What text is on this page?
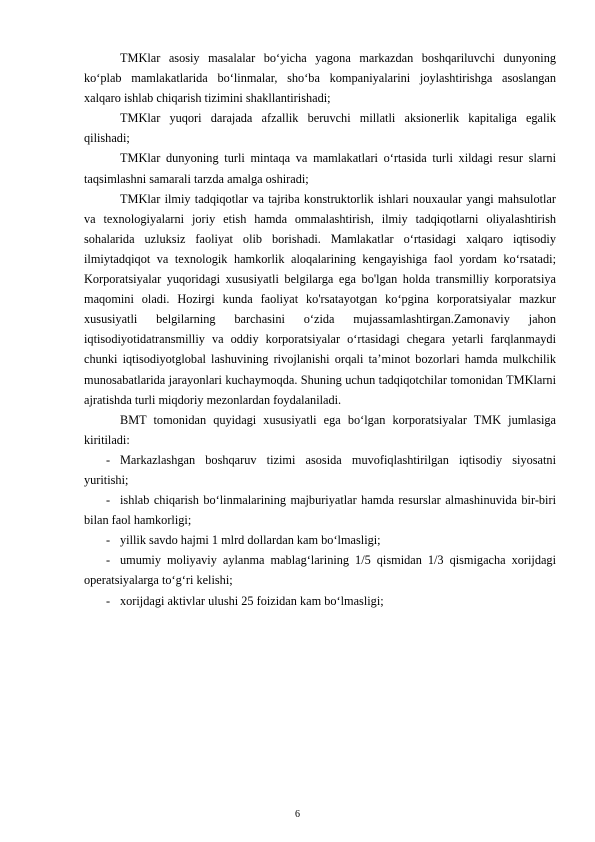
TMKlar asosiy masalalar bo‘yicha yagona markazdan boshqariluvchi dunyoning ko‘plab mamlakatlarida bo‘linmalar, sho‘ba kompaniyalarini joylashtirishga asoslangan xalqaro ishlab chiqarish tizimini shakllantirishadi;

TMKlar yuqori darajada afzallik beruvchi millatli aksionerlik kapitaliga egalik qilishadi;

TMKlar dunyoning turli mintaqa va mamlakatlari o‘rtasida turli xildagi resur slarni taqsimlashni samarali tarzda amalga oshiradi;

TMKlar ilmiy tadqiqotlar va tajriba konstruktorlik ishlari nouxaular yangi mahsulotlar va texnologiyalarni joriy etish hamda ommalashtirish, ilmiy tadqiqotlarni oliyalashtirish sohalarida uzluksiz faoliyat olib borishadi. Mamlakatlar o‘rtasidagi xalqaro iqtisodiy ilmiytadqiqot va texnologik hamkorlik aloqalarining kengayishiga faol yordam ko‘rsatadi; Korporatsiyalar yuqoridagi xususiyatli belgilarga ega bo'lgan holda transmilliy korporatsiya maqomini oladi. Hozirgi kunda faoliyat ko'rsatayotgan ko‘pgina korporatsiyalar mazkur xususiyatli belgilarning barchasini o‘zida mujassamlashtirgan.Zamonaviy jahon iqtisodiyotidatransmilliy va oddiy korporatsiyalar o‘rtasidagi chegara yetarli farqlanmaydi chunki iqtisodiyotglobal lashuvining rivojlanishi orqali ta’minot bozorlari hamda mulkchilik munosabatlarida jarayonlari kuchaymoqda. Shuning uchun tadqiqotchilar tomonidan TMKlarni ajratishda turli miqdoriy mezonlardan foydalaniladi.

BMT tomonidan quyidagi xususiyatli ega bo‘lgan korporatsiyalar TMK jumlasiga kiritiladi:

- Markazlashgan boshqaruv tizimi asosida muvofiqlashtirilgan iqtisodiy siyosatni yuritishi;

- ishlab chiqarish bo‘linmalarining majburiyatlar hamda resurslar almashinuvida bir-biri bilan faol hamkorligi;

- yillik savdo hajmi 1 mlrd dollardan kam bo‘lmasligi;

- umumiy moliyaviy aylanma mablag‘larining 1/5 qismidan 1/3 qismigacha xorijdagi operatsiyalarga to‘g‘ri kelishi;

- xorijdagi aktivlar ulushi 25 foizidan kam bo‘lmasligi;

6
